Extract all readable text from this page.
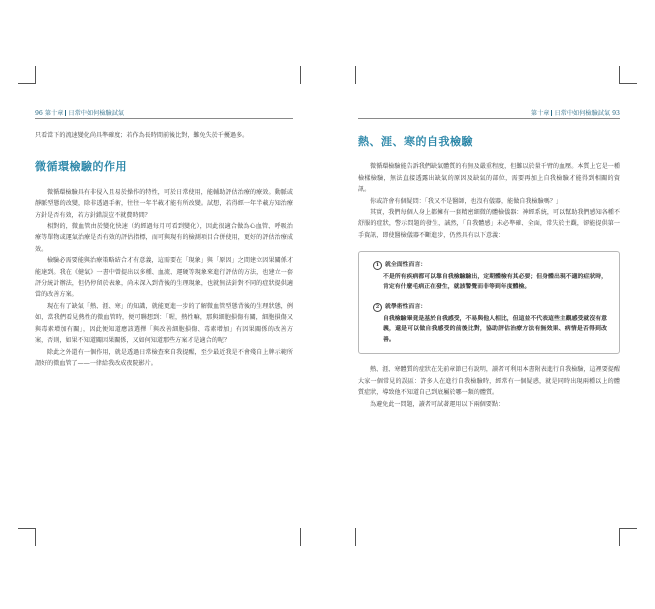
96 第十章 日常中如何檢驗試氣

只看當下的流速變化尚具準確度；若作為長時間前後比對，難免失於千擾過多。

微循環檢驗的作用

微循環檢驗具有非侵入且易於操作的特性，可於日常使用，能輔助評估治療的療效。動脈或靜脈型態的改變，除非透過手術，往往一年半載才能有所改變。試想，若得經一年半載方知治療方針是否有效，若方針錯誤豈不就費時間？

相對的，微血管由於變化快速（約經過每月可看到變化），因此很適合做為心血管、呼吸治療等單物或運氣治療是否有效的評估指標，而可與現有的檢測項目合併使用，更好的評估治療成效。

檢驗必需要能與治療策略結合才有意義，這需要在「現象」與「原因」之間建立因果關係才能達到。我在《健氣》一書中曾提出以多種、血流、運硬等現象來進行評估的方法，也建立一套評分統計辦法，但仍停留於表象，尚未深入到背後的生理現象，也就無法針對不同的症狀提供適當的改善方案。

現在有了缺氣「熱、涯、寒」的知識，就能更進一步的了解微血管型態背後的生理狀態，例如，當我們看見熱性的微血管時，便可聯想到：「喔，熱性嘛，那與細胞損傷有關，細胞損傷又與毒素增加有關」，因此便知道應該選擇「與改善細胞損傷、毒素增加」有因果關係的改善方案，否則，如果不知道關因果關係，又如何知道那些方案才是適合的呢？

除此之外還有一個作用，就是透過日常檢查來自我提醒，至少最近我是不會殘自上牌示範所謂好的微血管了——一律給我改成夜院影片。

第十章 日常中如何檢驗試氣 93
熱、涯、寒的自我檢驗

微循環檢驗能告訴我們缺氣體質的有無及嚴重程度，但難以於量千臂的血壓。本質上它是一種檢樣檢驗，無法直接透露出缺氣的原因及缺氣的部位，需要再加上自我檢驗才能得到相關的資訊。

你或許會有個疑問：「我又不是醫師，也沒有儀器，能做自我檢驗嗎？」

其實，我們每個人身上都擁有一套精密細微的體檢儀器：神經系統，可以幫助我們感知各種不舒服的症狀，警示問題的發生，誠然，「自我體感」未必準確、全面，常失於主觀，卻能提供第一手資訊，即使醫檢儀器不斷進步，仍然具有以下意義：

1 就全面性而言：
不是所有疾病都可以靠自我檢驗驗出，定期體檢有其必要；但身體出現不適的症狀時，肯定有什麼毛病正在發生，就該警覺而非等到年度體檢。
2 就學術性而言：
自我檢驗畢竟是基於自我感受，不易與他人相比，但這並不代表這些主觀感受就沒有意義，還是可以做自我感受的前後比對，協助評估治療方法有無效果、病情是否得到改善。

熱、涯、寒體質的症狀在先前章節已有說明，讀者可利用本書附表進行自我檢驗，這裡要提醒大家一個常見的誤區：許多人在進行自我檢驗時，經常有一個疑惑，就是同時出現兩種以上的體質症狀，導致他不知道自己到底屬於哪一類的體質。

為避免此一問題，讀者可試著運用以下兩個要點：
